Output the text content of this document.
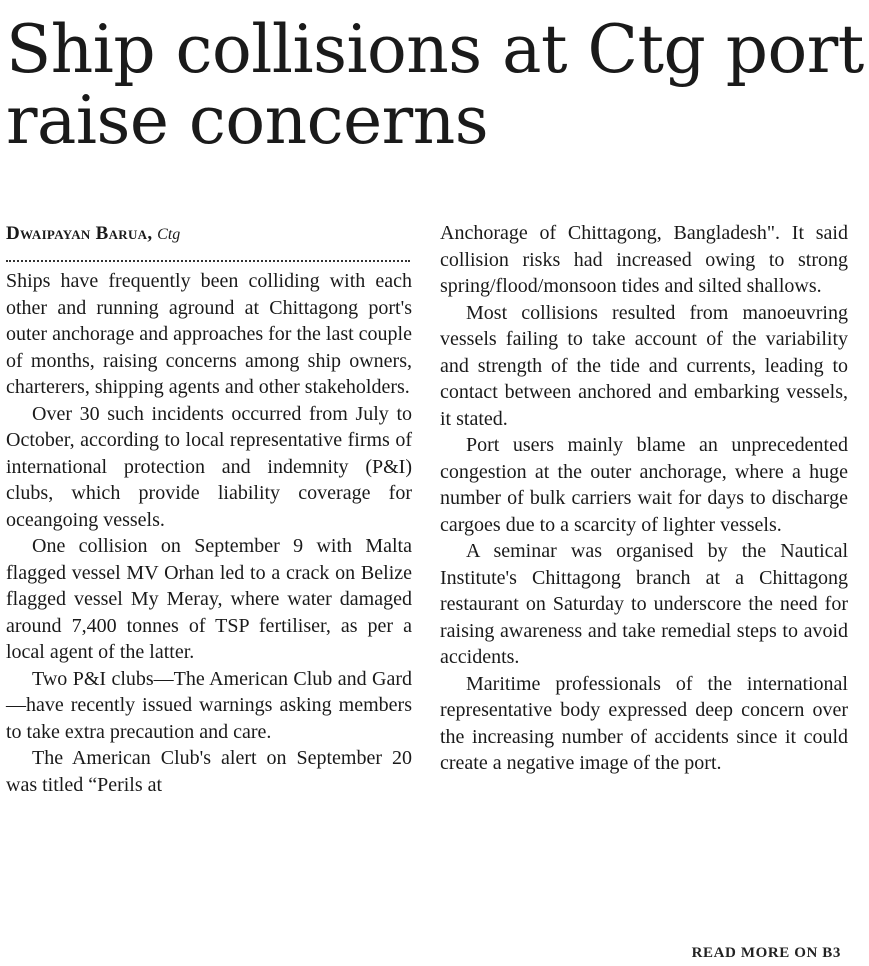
Ship collisions at Ctg port raise concerns
Dwaipayan Barua, Ctg

Ships have frequently been colliding with each other and running aground at Chittagong port's outer anchorage and approaches for the last couple of months, raising concerns among ship owners, charterers, shipping agents and other stakeholders.

Over 30 such incidents occurred from July to October, according to local representative firms of international protection and indemnity (P&I) clubs, which provide liability coverage for oceangoing vessels.

One collision on September 9 with Malta flagged vessel MV Orhan led to a crack on Belize flagged vessel My Meray, where water damaged around 7,400 tonnes of TSP fertiliser, as per a local agent of the latter.

Two P&I clubs—The American Club and Gard—have recently issued warnings asking members to take extra precaution and care.

The American Club's alert on September 20 was titled “Perils at

Anchorage of Chittagong, Bangladesh". It said collision risks had increased owing to strong spring/flood/monsoon tides and silted shallows.

Most collisions resulted from manoeuvring vessels failing to take account of the variability and strength of the tide and currents, leading to contact between anchored and embarking vessels, it stated.

Port users mainly blame an unprecedented congestion at the outer anchorage, where a huge number of bulk carriers wait for days to discharge cargoes due to a scarcity of lighter vessels.

A seminar was organised by the Nautical Institute's Chittagong branch at a Chittagong restaurant on Saturday to underscore the need for raising awareness and take remedial steps to avoid accidents.

Maritime professionals of the international representative body expressed deep concern over the increasing number of accidents since it could create a negative image of the port.

READ MORE ON B3
